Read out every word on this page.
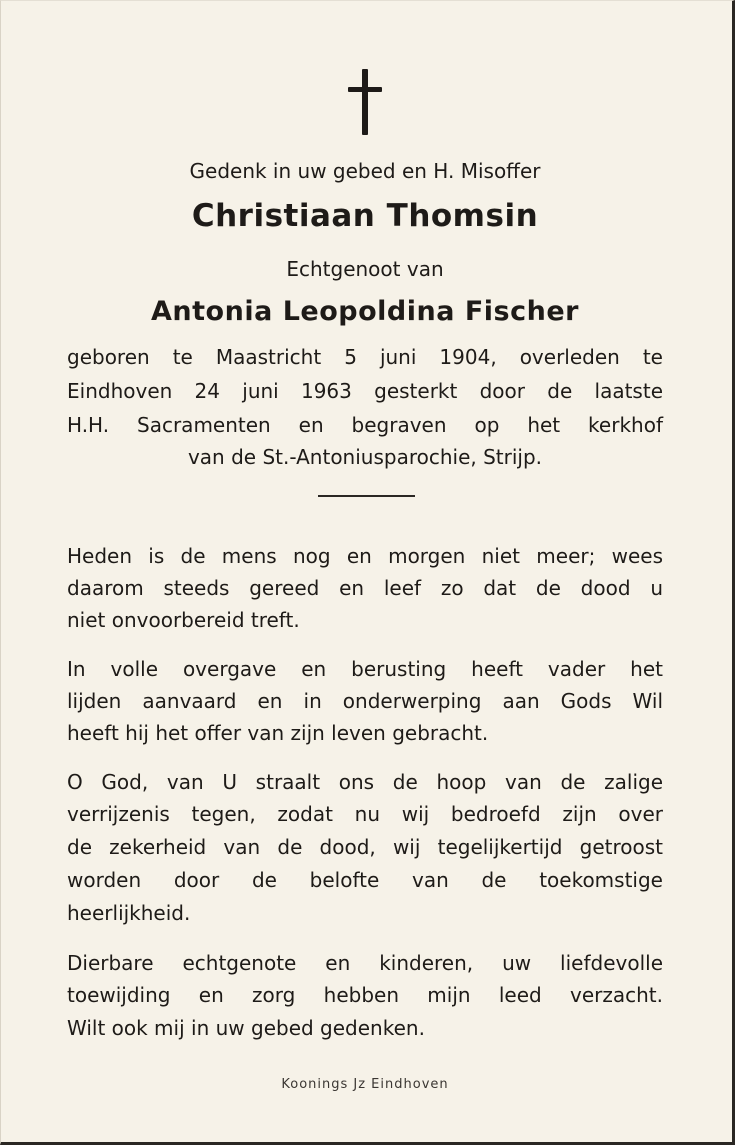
Gedenk in uw gebed en H. Misoffer
Christiaan Thomsin
Echtgenoot van
Antonia Leopoldina Fischer
geboren te Maastricht 5 juni 1904, overleden te
Eindhoven 24 juni 1963 gesterkt door de laatste
H.H. Sacramenten en begraven op het kerkhof
van de St.-Antoniusparochie, Strijp.
Heden is de mens nog en morgen niet meer; wees
daarom steeds gereed en leef zo dat de dood u
niet onvoorbereid treft.
In volle overgave en berusting heeft vader het
lijden aanvaard en in onderwerping aan Gods Wil
heeft hij het offer van zijn leven gebracht.
O God, van U straalt ons de hoop van de zalige
verrijzenis tegen, zodat nu wij bedroefd zijn over
de zekerheid van de dood, wij tegelijkertijd getroost
worden door de belofte van de toekomstige
heerlijkheid.
Dierbare echtgenote en kinderen, uw liefdevolle
toewijding en zorg hebben mijn leed verzacht.
Wilt ook mij in uw gebed gedenken.
Koonings Jz Eindhoven
